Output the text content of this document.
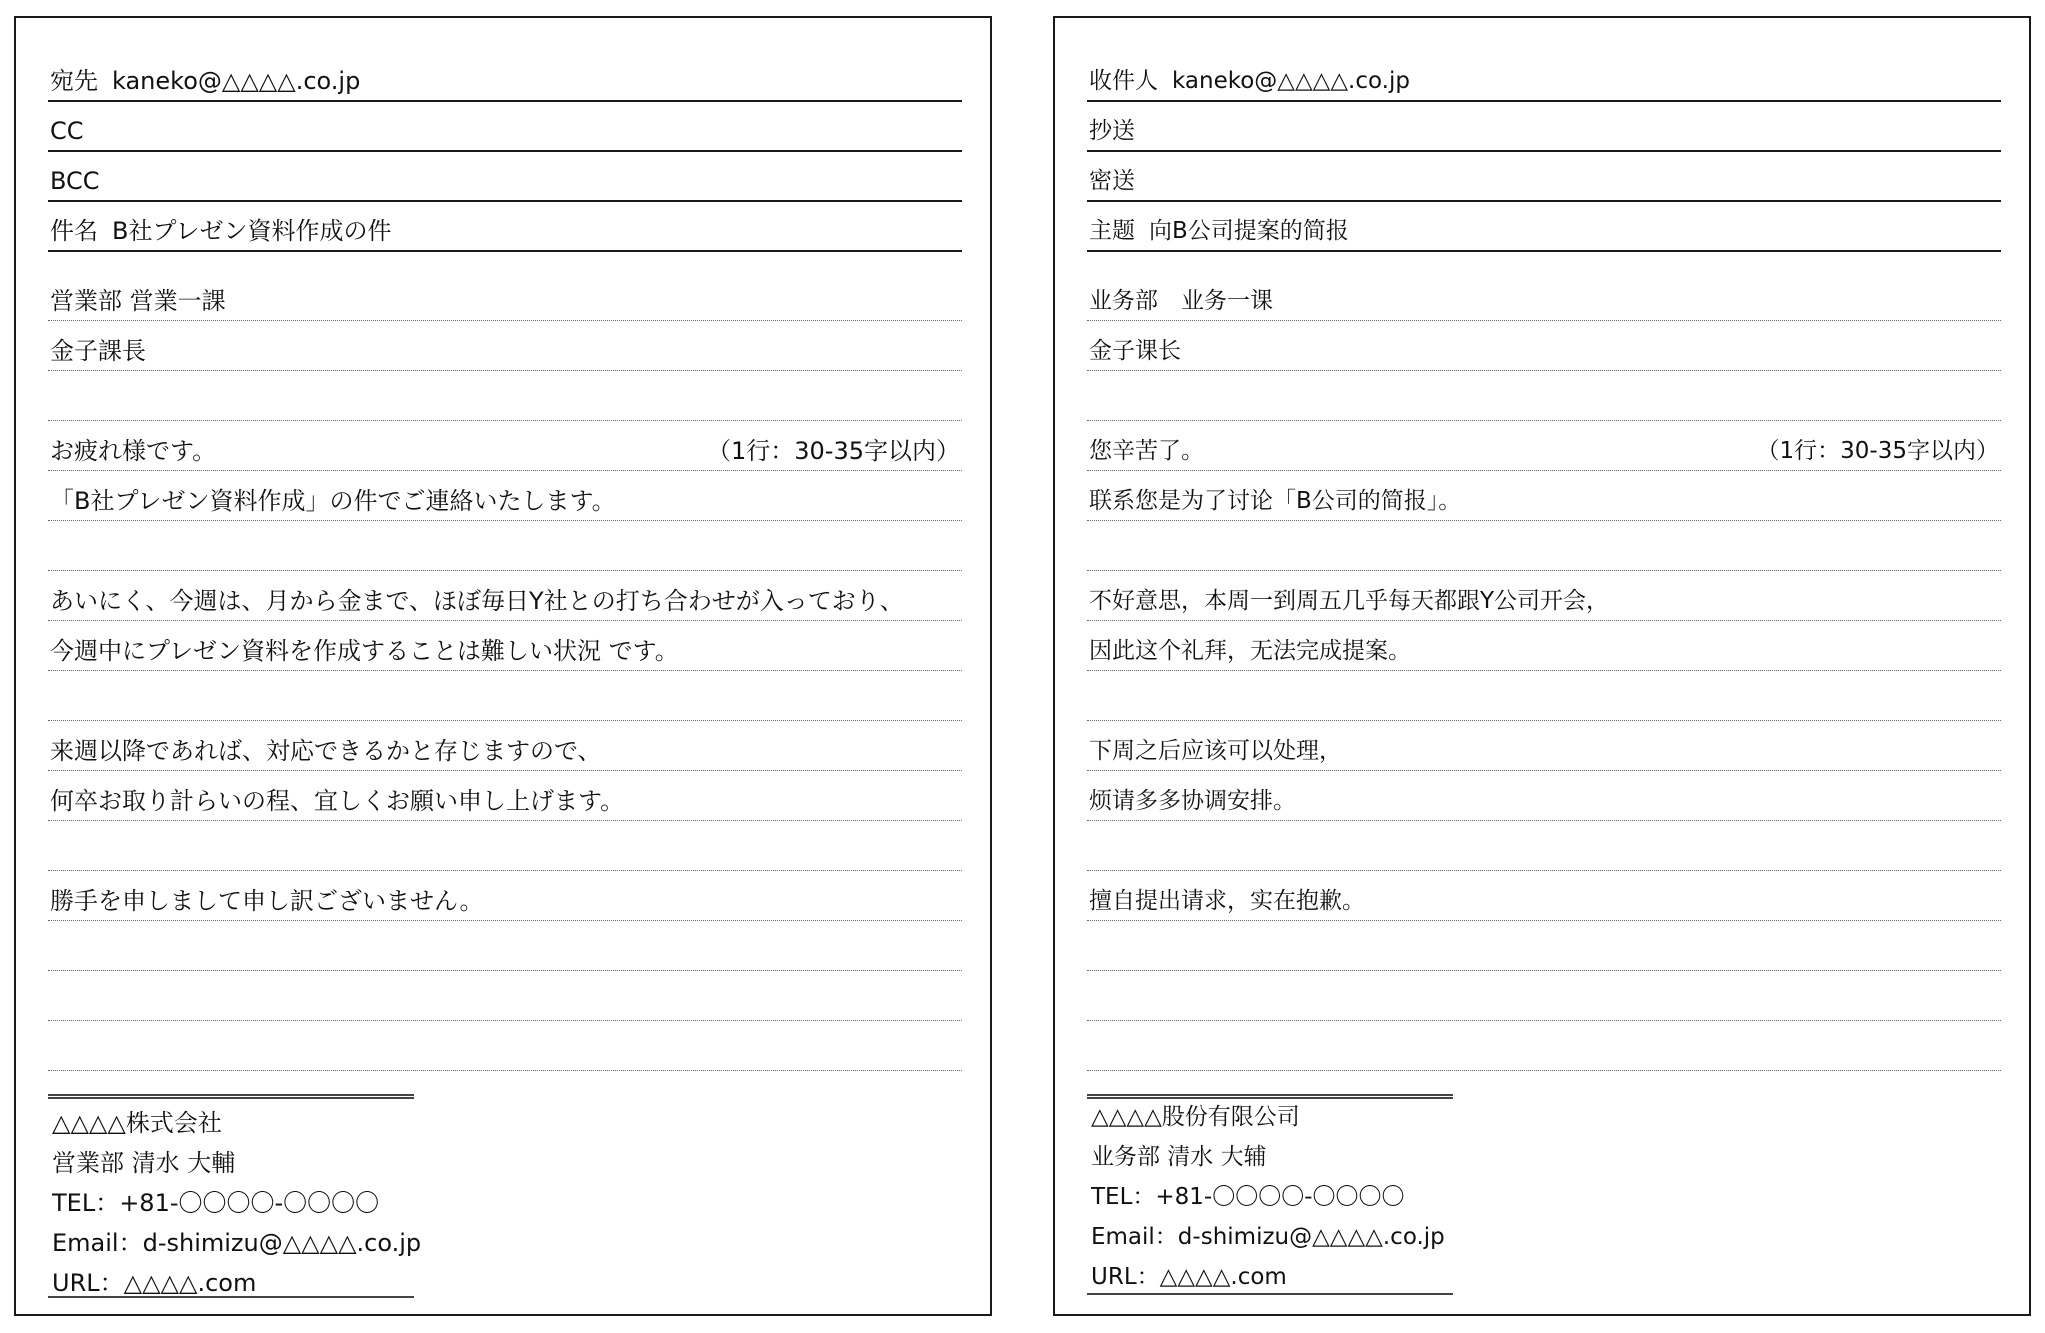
宛先 kaneko@△△△△.co.jp
CC
BCC
件名 B社プレゼン資料作成の件
営業部 営業一課
金子課長
お疲れ様です。	（1行：30-35字以内）
「B社プレゼン資料作成」の件でご連絡いたします。
あいにく、今週は、月から金まで、ほぼ毎日Y社との打ち合わせが入っており、
今週中にプレゼン資料を作成することは難しい状況 です。
来週以降であれば、対応できるかと存じますので、
何卒お取り計らいの程、宜しくお願い申し上げます。
勝手を申しまして申し訳ございません。
△△△△株式会社
営業部 清水 大輔
TEL：+81-〇〇〇〇-〇〇〇〇
Email：d-shimizu@△△△△.co.jp
URL：△△△△.com
收件人 kaneko@△△△△.co.jp
抄送
密送
主题 向B公司提案的简报
业务部　业务一课
金子课长
您辛苦了。	（1行：30-35字以内）
联系您是为了讨论「B公司的简报」。
不好意思，本周一到周五几乎每天都跟Y公司开会，
因此这个礼拜，无法完成提案。
下周之后应该可以处理，
烦请多多协调安排。
擅自提出请求，实在抱歉。
△△△△股份有限公司
业务部 清水 大辅
TEL：+81-〇〇〇〇-〇〇〇〇
Email：d-shimizu@△△△△.co.jp
URL：△△△△.com
